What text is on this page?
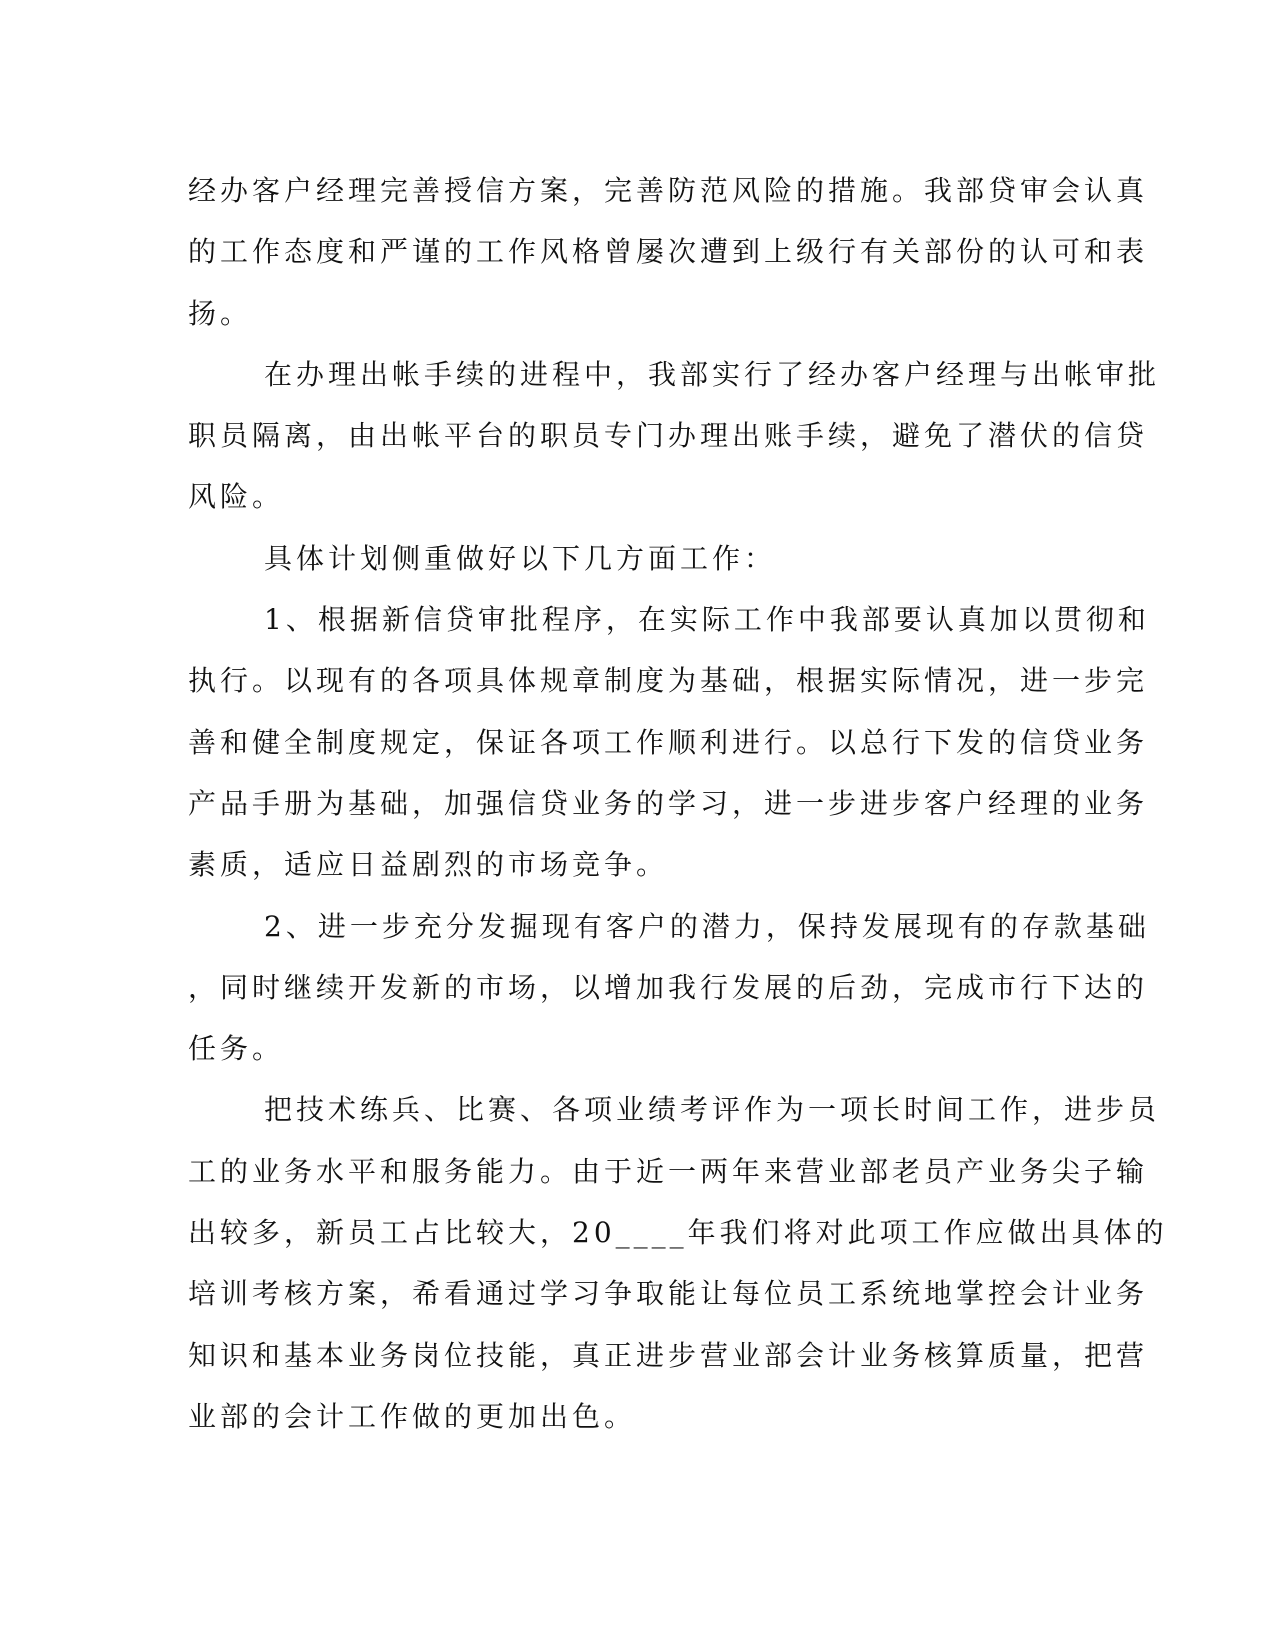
经办客户经理完善授信方案，完善防范风险的措施。我部贷审会认真
的工作态度和严谨的工作风格曾屡次遭到上级行有关部份的认可和表
扬。
在办理出帐手续的进程中，我部实行了经办客户经理与出帐审批
职员隔离，由出帐平台的职员专门办理出账手续，避免了潜伏的信贷
风险。
具体计划侧重做好以下几方面工作：
1、根据新信贷审批程序，在实际工作中我部要认真加以贯彻和
执行。以现有的各项具体规章制度为基础，根据实际情况，进一步完
善和健全制度规定，保证各项工作顺利进行。以总行下发的信贷业务
产品手册为基础，加强信贷业务的学习，进一步进步客户经理的业务
素质，适应日益剧烈的市场竞争。
2、进一步充分发掘现有客户的潜力，保持发展现有的存款基础
，同时继续开发新的市场，以增加我行发展的后劲，完成市行下达的
任务。
把技术练兵、比赛、各项业绩考评作为一项长时间工作，进步员
工的业务水平和服务能力。由于近一两年来营业部老员产业务尖子输
出较多，新员工占比较大，20____年我们将对此项工作应做出具体的
培训考核方案，希看通过学习争取能让每位员工系统地掌控会计业务
知识和基本业务岗位技能，真正进步营业部会计业务核算质量，把营
业部的会计工作做的更加出色。
